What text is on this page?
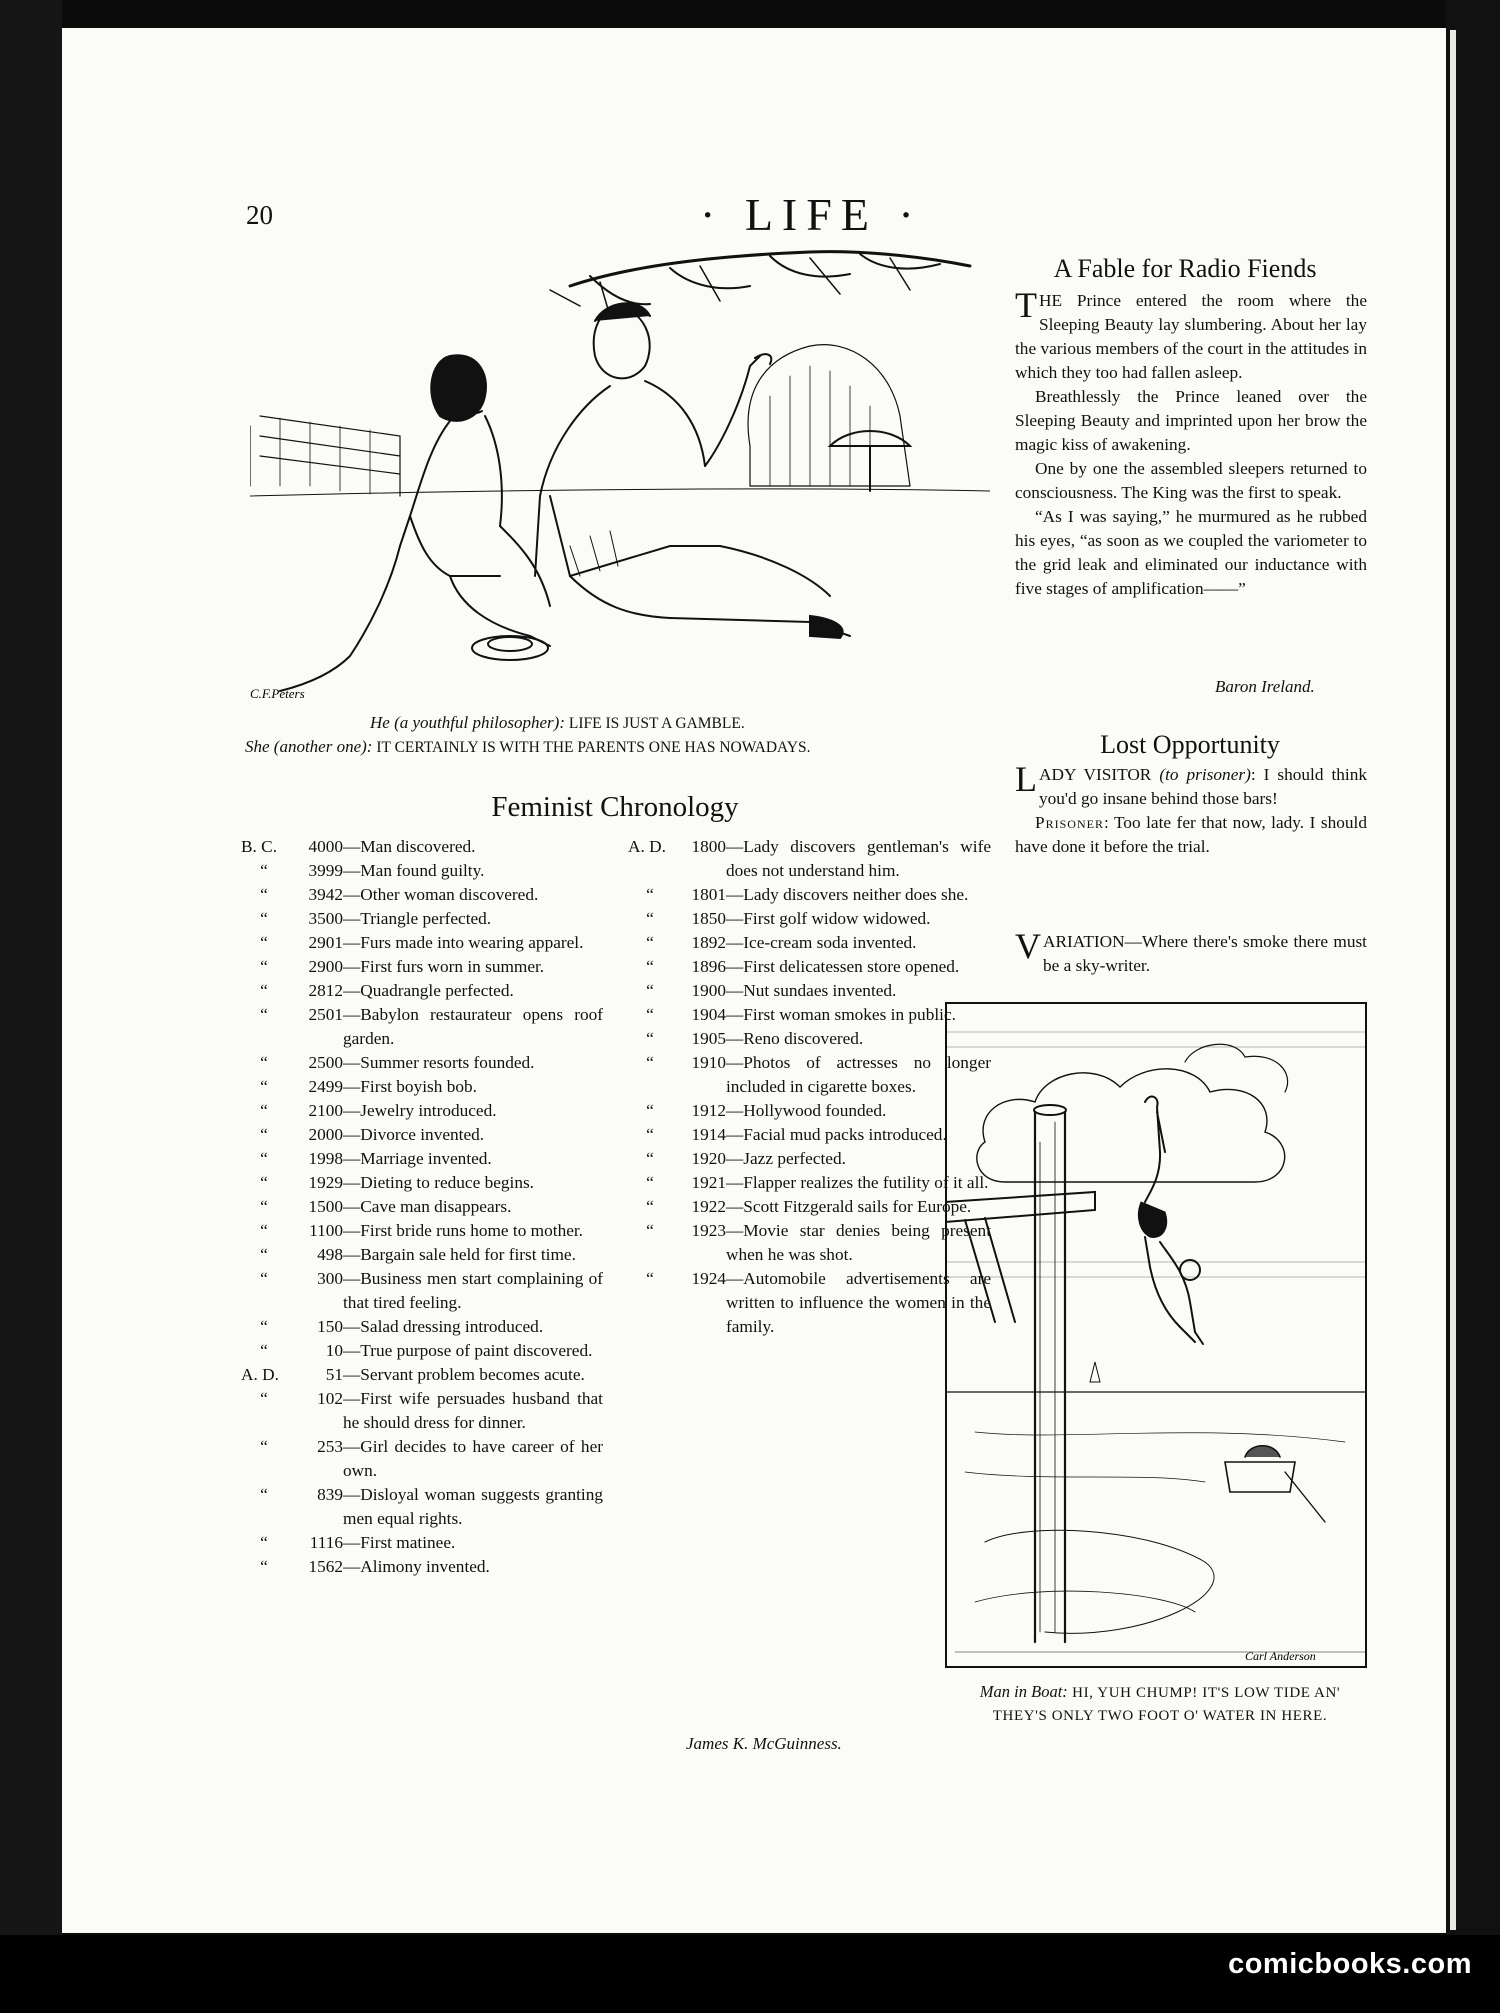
20	· LIFE ·
C.F.Peters
He (a youthful philosopher): LIFE IS JUST A GAMBLE.
She (another one): IT CERTAINLY IS WITH THE PARENTS ONE HAS NOWADAYS.
Feminist Chronology
B. C.	4000 —Man discovered.
“	3999 —Man found guilty.
“	3942 —Other woman discovered.
“	3500 —Triangle perfected.
“	2901 —Furs made into wearing apparel.
“	2900 —First furs worn in summer.
“	2812 —Quadrangle perfected.
“	2501 —Babylon restaurateur opens roof garden.
“	2500 —Summer resorts founded.
“	2499 —First boyish bob.
“	2100 —Jewelry introduced.
“	2000 —Divorce invented.
“	1998 —Marriage invented.
“	1929 —Dieting to reduce begins.
“	1500 —Cave man disappears.
“	1100 —First bride runs home to mother.
“	498 —Bargain sale held for first time.
“	300 —Business men start complaining of that tired feeling.
“	150 —Salad dressing introduced.
“	10 —True purpose of paint discovered.
A. D.	51 —Servant problem becomes acute.
“	102 —First wife persuades husband that he should dress for dinner.
“	253 —Girl decides to have career of her own.
“	839 —Disloyal woman suggests granting men equal rights.
“	1116 —First matinee.
“	1562 —Alimony invented.
A. D.	1800 —Lady discovers gentleman's wife does not understand him.
“	1801 —Lady discovers neither does she.
“	1850 —First golf widow widowed.
“	1892 —Ice-cream soda invented.
“	1896 —First delicatessen store opened.
“	1900 —Nut sundaes invented.
“	1904 —First woman smokes in public.
“	1905 —Reno discovered.
“	1910 —Photos of actresses no longer included in cigarette boxes.
“	1912 —Hollywood founded.
“	1914 —Facial mud packs introduced.
“	1920 —Jazz perfected.
“	1921 —Flapper realizes the futility of it all.
“	1922 —Scott Fitzgerald sails for Europe.
“	1923 —Movie star denies being present when he was shot.
“	1924 —Automobile advertisements are written to influence the women in the family.
James K. McGuinness.
A Fable for Radio Fiends

THE Prince entered the room where the Sleeping Beauty lay slumbering. About her lay the various members of the court in the attitudes in which they too had fallen asleep.

Breathlessly the Prince leaned over the Sleeping Beauty and imprinted upon her brow the magic kiss of awakening.

One by one the assembled sleepers returned to consciousness. The King was the first to speak.

“As I was saying,” he murmured as he rubbed his eyes, “as soon as we coupled the variometer to the grid leak and eliminated our inductance with five stages of amplification——”

Baron Ireland.
Lost Opportunity

LADY VISITOR (to prisoner): I should think you'd go insane behind those bars!

Prisoner: Too late fer that now, lady. I should have done it before the trial.

VARIATION—Where there's smoke there must be a sky-writer.
Carl Anderson
Man in Boat: HI, YUH CHUMP! IT'S LOW TIDE AN' THEY'S ONLY TWO FOOT O' WATER IN HERE.
comicbooks.com
